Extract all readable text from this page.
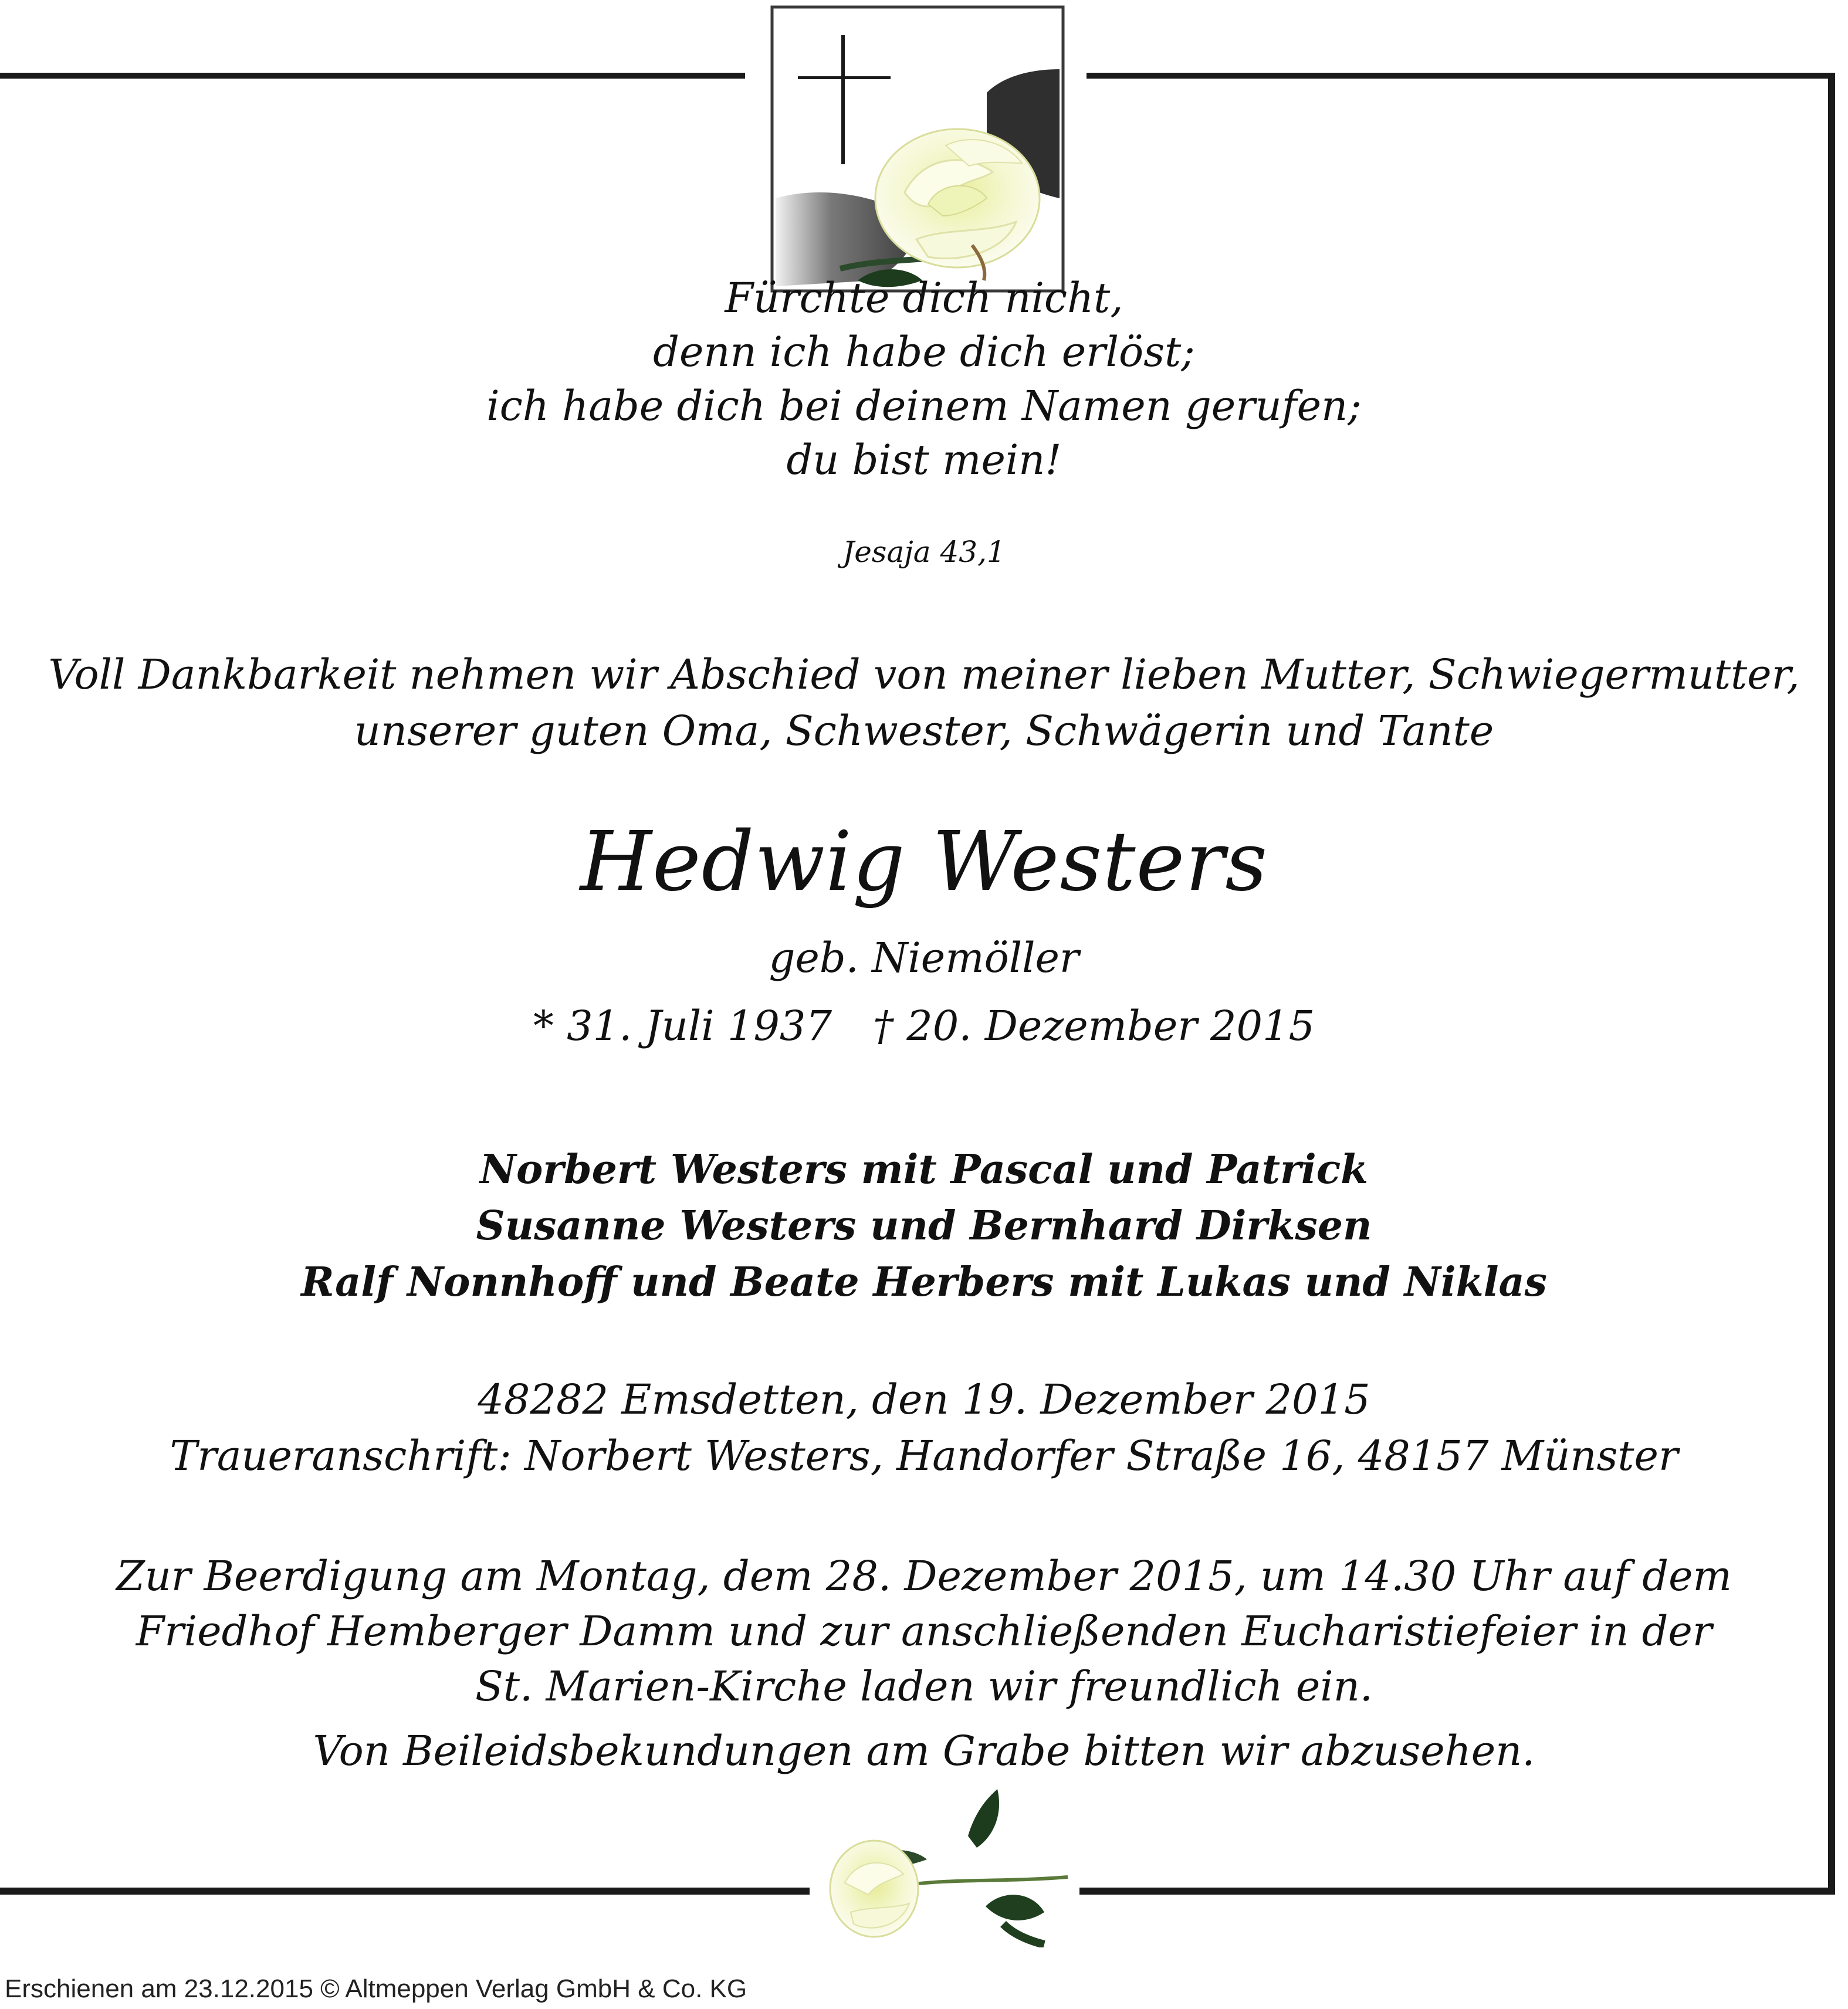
Fürchte dich nicht,
denn ich habe dich erlöst;
ich habe dich bei deinem Namen gerufen;
du bist mein!
Jesaja 43,1
Voll Dankbarkeit nehmen wir Abschied von meiner lieben Mutter, Schwiegermutter,
unserer guten Oma, Schwester, Schwägerin und Tante
Hedwig Westers
geb. Niemöller
* 31. Juli 1937 † 20. Dezember 2015
Norbert Westers mit Pascal und Patrick
Susanne Westers und Bernhard Dirksen
Ralf Nonnhoff und Beate Herbers mit Lukas und Niklas
48282 Emsdetten, den 19. Dezember 2015
Traueranschrift: Norbert Westers, Handorfer Straße 16, 48157 Münster
Zur Beerdigung am Montag, dem 28. Dezember 2015, um 14.30 Uhr auf dem
Friedhof Hemberger Damm und zur anschließenden Eucharistiefeier in der
St. Marien-Kirche laden wir freundlich ein.
Von Beileidsbekundungen am Grabe bitten wir abzusehen.
Erschienen am 23.12.2015 © Altmeppen Verlag GmbH & Co. KG
